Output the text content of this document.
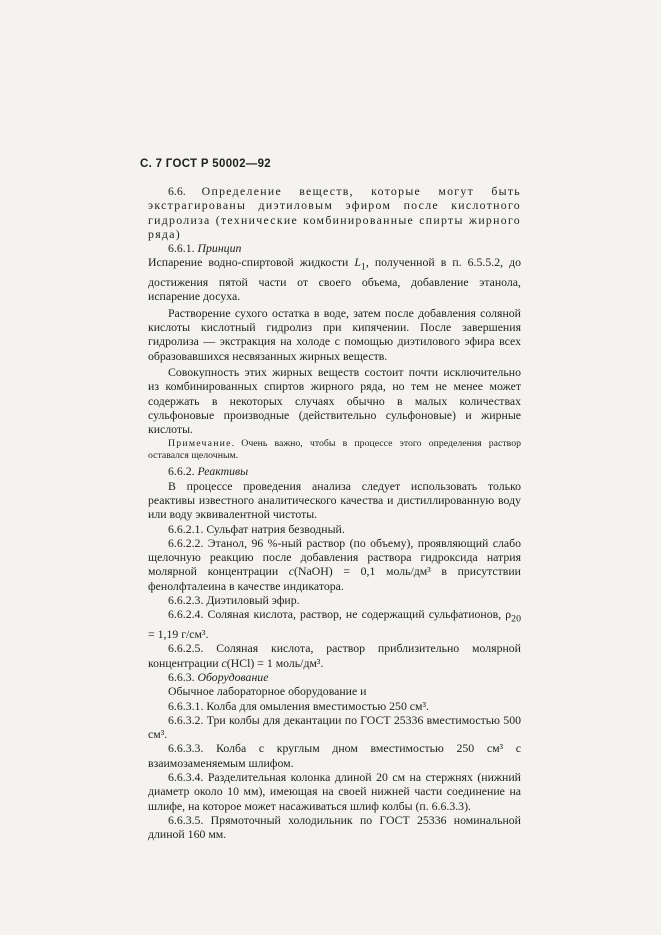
С. 7 ГОСТ Р 50002—92

6.6. Определение веществ, которые могут быть экстрагированы диэтиловым эфиром после кислотного гидролиза (технические комбинированные спирты жирного ряда)

6.6.1. Принцип

Испарение водно-спиртовой жидкости $L_1$, полученной в п. 6.5.5.2, до достижения пятой части от своего объема, добавление этанола, испарение досуха.

Растворение сухого остатка в воде, затем после добавления соляной кислоты кислотный гидролиз при кипячении. После завершения гидролиза — экстракция на холоде с помощью диэтилового эфира всех образовавшихся несвязанных жирных веществ.

Совокупность этих жирных веществ состоит почти исключительно из комбинированных спиртов жирного ряда, но тем не менее может содержать в некоторых случаях обычно в малых количествах сульфоновые производные (действительно сульфоновые) и жирные кислоты.

Примечание. Очень важно, чтобы в процессе этого определения раствор оставался щелочным.

6.6.2. Реактивы

В процессе проведения анализа следует использовать только реактивы известного аналитического качества и дистиллированную воду или воду эквивалентной чистоты.

6.6.2.1. Сульфат натрия безводный.

6.6.2.2. Этанол, 96 %-ный раствор (по объему), проявляющий слабо щелочную реакцию после добавления раствора гидроксида натрия молярной концентрации c(NaOH) = 0,1 моль/дм³ в присутствии фенолфталеина в качестве индикатора.

6.6.2.3. Диэтиловый эфир.

6.6.2.4. Соляная кислота, раствор, не содержащий сульфатионов, $\rho_{20} = 1,19$ г/см³.

6.6.2.5. Соляная кислота, раствор приблизительно молярной концентрации c(HCl) = 1 моль/дм³.

6.6.3. Оборудование

Обычное лабораторное оборудование и

6.6.3.1. Колба для омыления вместимостью 250 см³.

6.6.3.2. Три колбы для декантации по ГОСТ 25336 вместимостью 500 см³.

6.6.3.3. Колба с круглым дном вместимостью 250 см³ с взаимозаменяемым шлифом.

6.6.3.4. Разделительная колонка длиной 20 см на стержнях (нижний диаметр около 10 мм), имеющая на своей нижней части соединение на шлифе, на которое может насаживаться шлиф колбы (п. 6.6.3.3).

6.6.3.5. Прямоточный холодильник по ГОСТ 25336 номинальной длиной 160 мм.
